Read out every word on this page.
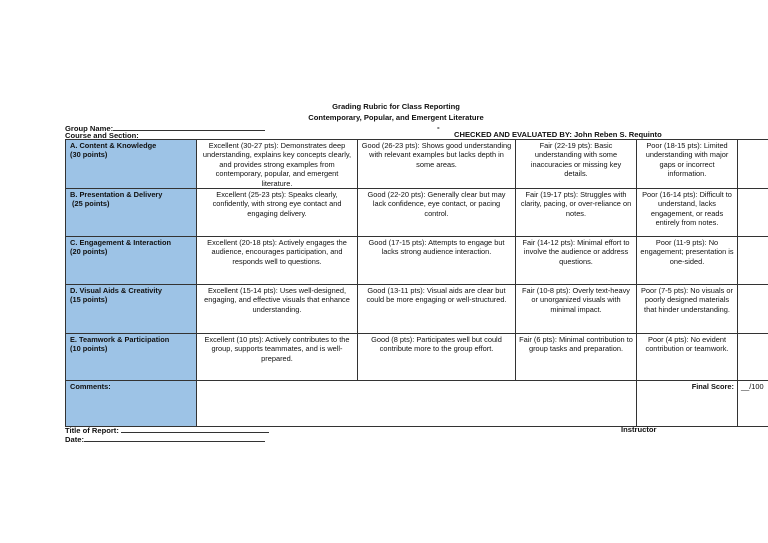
Grading Rubric for Class Reporting
Contemporary, Popular, and Emergent Literature
-
Group Name:
Course and Section:	CHECKED AND EVALUATED BY: John Reben S. Requinto
A. Content & Knowledge
(30 points)	Excellent (30-27 pts): Demonstrates deep understanding, explains key concepts clearly, and provides strong examples from contemporary, popular, and emergent literature.	Good (26-23 pts): Shows good understanding with relevant examples but lacks depth in some areas.	Fair (22-19 pts): Basic understanding with some inaccuracies or missing key details.	Poor (18-15 pts): Limited understanding with major gaps or incorrect information.	

B. Presentation & Delivery
(25 points)	Excellent (25-23 pts): Speaks clearly, confidently, with strong eye contact and engaging delivery.	Good (22-20 pts): Generally clear but may lack confidence, eye contact, or pacing control.	Fair (19-17 pts): Struggles with clarity, pacing, or over-reliance on notes.	Poor (16-14 pts): Difficult to understand, lacks engagement, or reads entirely from notes.	

C. Engagement & Interaction
(20 points)	Excellent (20-18 pts): Actively engages the audience, encourages participation, and responds well to questions.	Good (17-15 pts): Attempts to engage but lacks strong audience interaction.	Fair (14-12 pts): Minimal effort to involve the audience or address questions.	Poor (11-9 pts): No engagement; presentation is one-sided.	

D. Visual Aids & Creativity
(15 points)	Excellent (15-14 pts): Uses well-designed, engaging, and effective visuals that enhance understanding.	Good (13-11 pts): Visual aids are clear but could be more engaging or well-structured.	Fair (10-8 pts): Overly text-heavy or unorganized visuals with minimal impact.	Poor (7-5 pts): No visuals or poorly designed materials that hinder understanding.	

E. Teamwork & Participation
(10 points)	Excellent (10 pts): Actively contributes to the group, supports teammates, and is well-prepared.	Good (8 pts): Participates well but could contribute more to the group effort.	Fair (6 pts): Minimal contribution to group tasks and preparation.	Poor (4 pts): No evident contribution or teamwork.	
Comments:				Final Score:	__/100
Title of Report:
Date:
Instructor
